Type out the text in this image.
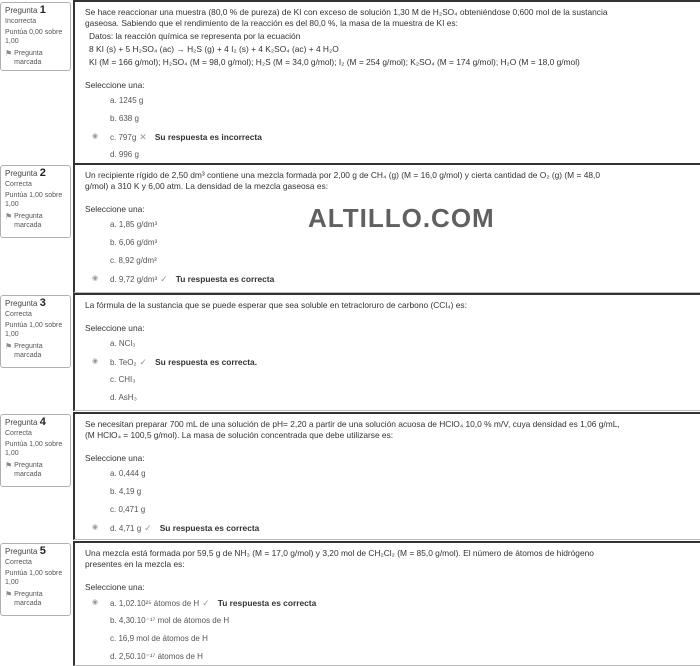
Pregunta 1
Incorrecta
Puntúa 0,00 sobre 1,00
⚑ Pregunta marcada
Se hace reaccionar una muestra (80,0 % de pureza) de KI con exceso de solución 1,30 M de H₂SO₄ obteniéndose 0,600 mol de la sustancia
gaseosa. Sabiendo que el rendimiento de la reacción es del 80,0 %, la masa de la muestra de KI es:
Datos: la reacción química se representa por la ecuación
8 KI (s) + 5 H₂SO₄ (ac) → H₂S (g) + 4 I₂ (s) + 4 K₂SO₄ (ac) + 4 H₂O
KI (M = 166 g/mol); H₂SO₄ (M = 98,0 g/mol); H₂S (M = 34,0 g/mol); I₂ (M = 254 g/mol); K₂SO₄ (M = 174 g/mol); H₂O (M = 18,0 g/mol)
Seleccione una:
a. 1245 g
b. 638 g
◉ c. 797g ✕ Su respuesta es incorrecta
d. 996 g
Pregunta 2
Correcta
Puntúa 1,00 sobre 1,00
⚑ Pregunta marcada
Un recipiente rígido de 2,50 dm³ contiene una mezcla formada por 2,00 g de CH₄ (g) (M = 16,0 g/mol) y cierta cantidad de O₂ (g) (M = 48,0
g/mol) a 310 K y 6,00 atm. La densidad de la mezcla gaseosa es:
Seleccione una:
a. 1,85 g/dm³
b. 6,06 g/dm³
c. 8,92 g/dm³
◉ d. 9,72 g/dm³ ✓ Tu respuesta es correcta
Pregunta 3
Correcta
Puntúa 1,00 sobre 1,00
⚑ Pregunta marcada
La fórmula de la sustancia que se puede esperar que sea soluble en tetracloruro de carbono (CCl₄) es:
Seleccione una:
a. NCl₃
◉ b. TeO₂ ✓ Su respuesta es correcta.
c. CHI₃
d. AsH₃
Pregunta 4
Correcta
Puntúa 1,00 sobre 1,00
⚑ Pregunta marcada
Se necesitan preparar 700 mL de una solución de pH= 2,20 a partir de una solución acuosa de HClO₄ 10,0 % m/V, cuya densidad es 1,06 g/mL,
(M HClO₄ = 100,5 g/mol). La masa de solución concentrada que debe utilizarse es:
Seleccione una:
a. 0,444 g
b. 4,19 g
c. 0,471 g
◉ d. 4,71 g ✓ Su respuesta es correcta
Pregunta 5
Correcta
Puntúa 1,00 sobre 1,00
⚑ Pregunta marcada
Una mezcla está formada por 59,5 g de NH₃ (M = 17,0 g/mol) y 3,20 mol de CH₂Cl₂ (M = 85,0 g/mol). El número de átomos de hidrógeno
presentes en la mezcla es:
Seleccione una:
◉ a. 1,02.10²⁵ átomos de H ✓ Tu respuesta es correcta
b. 4,30.10⁻¹⁷ mol de átomos de H
c. 16,9 mol de átomos de H
d. 2,50.10⁻¹⁷ átomos de H
ALTILLO.COM
